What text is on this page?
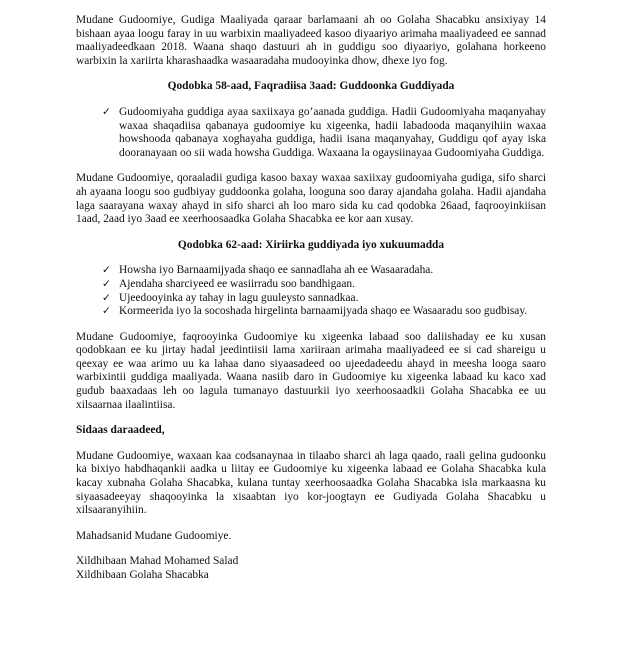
Mudane Gudoomiye, Gudiga Maaliyada qaraar barlamaani ah oo Golaha Shacabku ansixiyay 14 bishaan ayaa loogu faray in uu warbixin maaliyadeed kasoo diyaariyo arimaha maaliyadeed ee sannad maaliyadeedkaan 2018. Waana shaqo dastuuri ah in guddigu soo diyaariyo, golahana horkeeno warbixin la xariirta kharashaadka wasaaradaha mudooyinka dhow, dhexe iyo fog.

Qodobka 58-aad, Faqradiisa 3aad: Guddoonka Guddiyada

✓ Gudoomiyaha guddiga ayaa saxiixaya go’aanada guddiga. Hadii Gudoomiyaha maqanyahay waxaa shaqadiisa qabanaya gudoomiye ku xigeenka, hadii labadooda maqanyihiin waxaa howshooda qabanaya xoghayaha guddiga, hadii isana maqanyahay, Guddigu qof ayay iska dooranayaan oo sii wada howsha Guddiga. Waxaana la ogaysiinayaa Gudoomiyaha Guddiga.

Mudane Gudoomiye, qoraaladii gudiga kasoo baxay waxaa saxiixay gudoomiyaha gudiga, sifo sharci ah ayaana loogu soo gudbiyay guddoonka golaha, looguna soo daray ajandaha golaha. Hadii ajandaha laga saarayana waxay ahayd in sifo sharci ah loo maro sida ku cad qodobka 26aad, faqrooyinkiisan 1aad, 2aad iyo 3aad ee xeerhoosaadka Golaha Shacabka ee kor aan xusay.

Qodobka 62-aad: Xiriirka guddiyada iyo xukuumadda

✓ Howsha iyo Barnaamijyada shaqo ee sannadlaha ah ee Wasaaradaha.
✓ Ajendaha sharciyeed ee wasiirradu soo bandhigaan.
✓ Ujeedooyinka ay tahay in lagu guuleysto sannadkaa.
✓ Kormeerida iyo la socoshada hirgelinta barnaamijyada shaqo ee Wasaaradu soo gudbisay.

Mudane Gudoomiye, faqrooyinka Gudoomiye ku xigeenka labaad soo daliishaday ee ku xusan qodobkaan ee ku jirtay hadal jeedintiisii lama xariiraan arimaha maaliyadeed ee si cad shareigu u qeexay ee waa arimo uu ka lahaa dano siyaasadeed oo ujeedadeedu ahayd in meesha looga saaro warbixintii guddiga maaliyada. Waana nasiib daro in Gudoomiye ku xigeenka labaad ku kaco xad gudub baaxadaas leh oo lagula tumanayo dastuurkii iyo xeerhoosaadkii Golaha Shacabka ee uu xilsaarnaa ilaalintiisa.

Sidaas daraadeed,

Mudane Gudoomiye, waxaan kaa codsanaynaa in tilaabo sharci ah laga qaado, raali gelina gudoonku ka bixiyo habdhaqankii aadka u liitay ee Gudoomiye ku xigeenka labaad ee Golaha Shacabka kula kacay xubnaha Golaha Shacabka, kulana tuntay xeerhoosaadka Golaha Shacabka isla markaasna ku siyaasadeeyay shaqooyinka la xisaabtan iyo kor-joogtayn ee Gudiyada Golaha Shacabku u xilsaaranyihiin.

Mahadsanid Mudane Gudoomiye.

Xildhibaan Mahad Mohamed Salad

Xildhibaan Golaha Shacabka
